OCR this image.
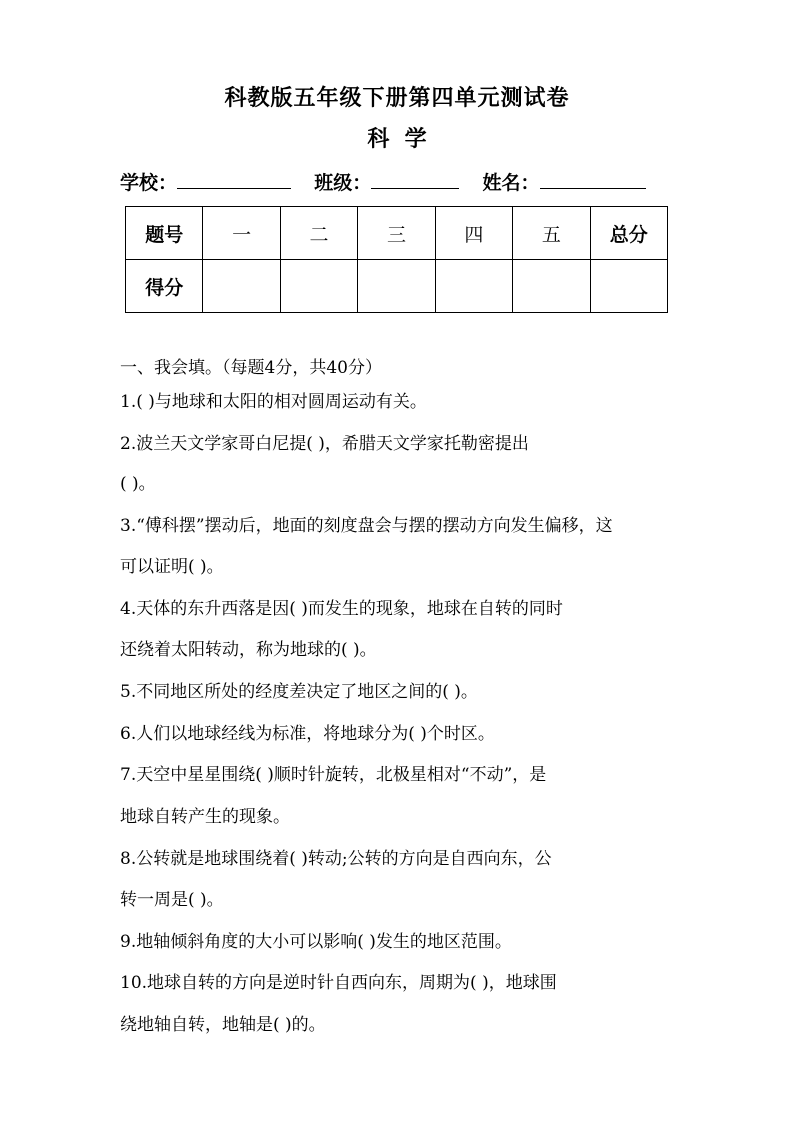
科教版五年级下册第四单元测试卷
科  学
学校：	班级：	姓名：
题号	一	二	三	四	五	总分
得分						
一、我会填。（每题4分，共40分）
1.( )与地球和太阳的相对圆周运动有关。
2.波兰天文学家哥白尼提( )，希腊天文学家托勒密提出
( )。
3.“傅科摆”摆动后，地面的刻度盘会与摆的摆动方向发生偏移，这
可以证明( )。
4.天体的东升西落是因( )而发生的现象，地球在自转的同时
还绕着太阳转动，称为地球的( )。
5.不同地区所处的经度差决定了地区之间的( )。
6.人们以地球经线为标准，将地球分为( )个时区。
7.天空中星星围绕( )顺时针旋转，北极星相对“不动”，是
地球自转产生的现象。
8.公转就是地球围绕着( )转动;公转的方向是自西向东，公
转一周是( )。
9.地轴倾斜角度的大小可以影响( )发生的地区范围。
10.地球自转的方向是逆时针自西向东，周期为( )，地球围
绕地轴自转，地轴是( )的。
